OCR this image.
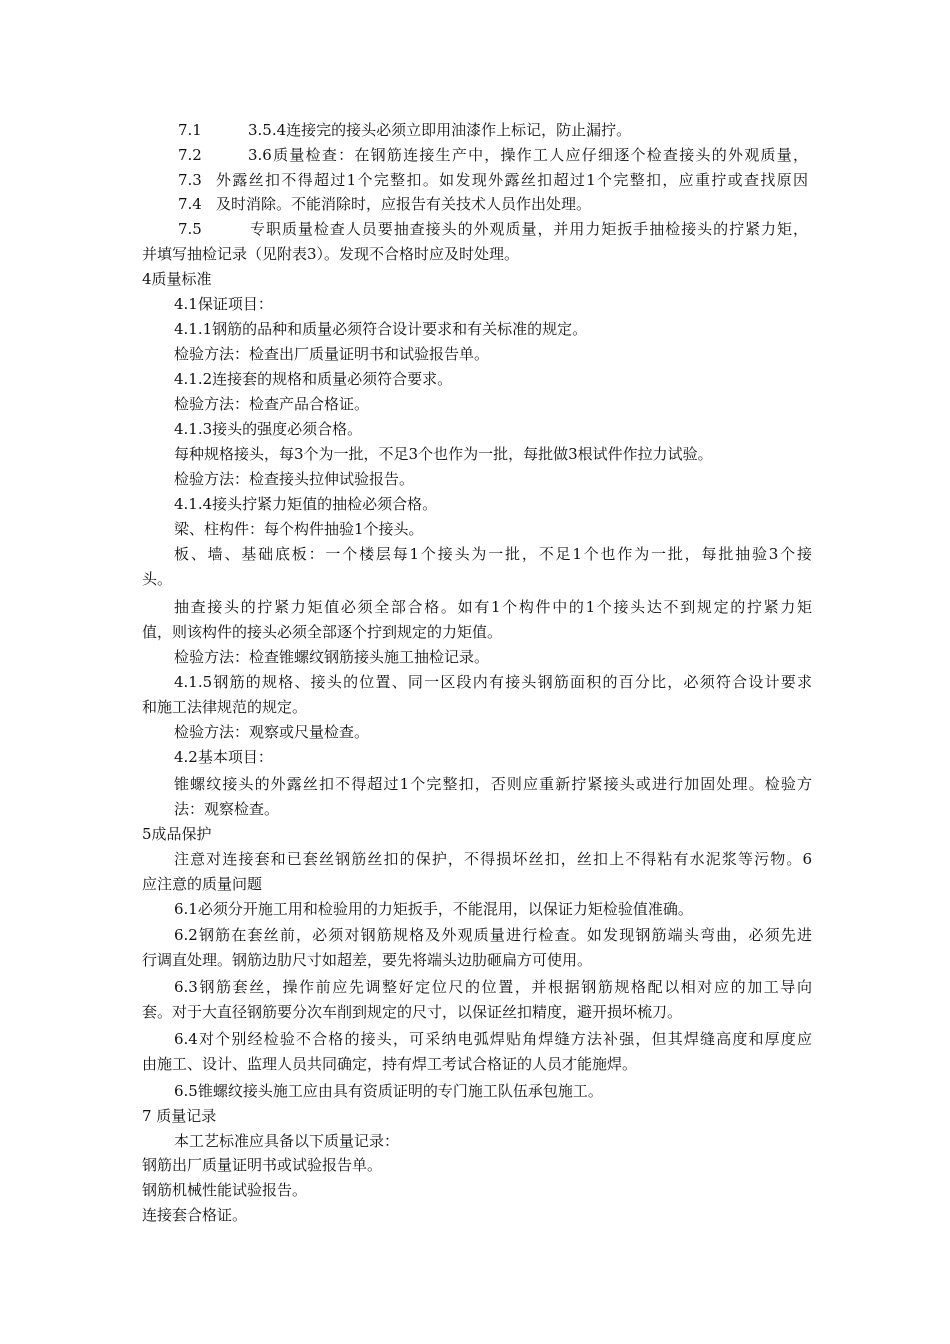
7.1
7.2
7.3
7.4
7.5
3.5.4连接完的接头必须立即用油漆作上标记，防止漏拧。
3.6质量检查：在钢筋连接生产中，操作工人应仔细逐个检查接头的外观质量，
外露丝扣不得超过1个完整扣。如发现外露丝扣超过1个完整扣，应重拧或查找原因
及时消除。不能消除时，应报告有关技术人员作出处理。
专职质量检查人员要抽查接头的外观质量，并用力矩扳手抽检接头的拧紧力矩，
并填写抽检记录（见附表3）。发现不合格时应及时处理。
4质量标准
4.1保证项目：
4.1.1钢筋的品种和质量必须符合设计要求和有关标准的规定。
检验方法：检查出厂质量证明书和试验报告单。
4.1.2连接套的规格和质量必须符合要求。
检验方法：检查产品合格证。
4.1.3接头的强度必须合格。
每种规格接头，每3个为一批，不足3个也作为一批，每批做3根试件作拉力试验。
检验方法：检查接头拉伸试验报告。
4.1.4接头拧紧力矩值的抽检必须合格。
梁、柱构件：每个构件抽验1个接头。
板、墙、基础底板：一个楼层每1个接头为一批，不足1个也作为一批，每批抽验3个接
头。
抽查接头的拧紧力矩值必须全部合格。如有1个构件中的1个接头达不到规定的拧紧力矩
值，则该构件的接头必须全部逐个拧到规定的力矩值。
检验方法：检查锥螺纹钢筋接头施工抽检记录。
4.1.5钢筋的规格、接头的位置、同一区段内有接头钢筋面积的百分比，必须符合设计要求
和施工法律规范的规定。
检验方法：观察或尺量检查。
4.2基本项目：
锥螺纹接头的外露丝扣不得超过1个完整扣，否则应重新拧紧接头或进行加固处理。检验方
法：观察检查。
5成品保护
注意对连接套和已套丝钢筋丝扣的保护，不得损坏丝扣，丝扣上不得粘有水泥浆等污物。6
应注意的质量问题
6.1必须分开施工用和检验用的力矩扳手，不能混用，以保证力矩检验值准确。
6.2钢筋在套丝前，必须对钢筋规格及外观质量进行检查。如发现钢筋端头弯曲，必须先进
行调直处理。钢筋边肋尺寸如超差，要先将端头边肋砸扁方可使用。
6.3钢筋套丝，操作前应先调整好定位尺的位置，并根据钢筋规格配以相对应的加工导向
套。对于大直径钢筋要分次车削到规定的尺寸，以保证丝扣精度，避开损坏梳刀。
6.4对个别经检验不合格的接头，可采纳电弧焊贴角焊缝方法补强，但其焊缝高度和厚度应
由施工、设计、监理人员共同确定，持有焊工考试合格证的人员才能施焊。
6.5锥螺纹接头施工应由具有资质证明的专门施工队伍承包施工。
7 质量记录
本工艺标准应具备以下质量记录：
钢筋出厂质量证明书或试验报告单。
钢筋机械性能试验报告。
连接套合格证。
